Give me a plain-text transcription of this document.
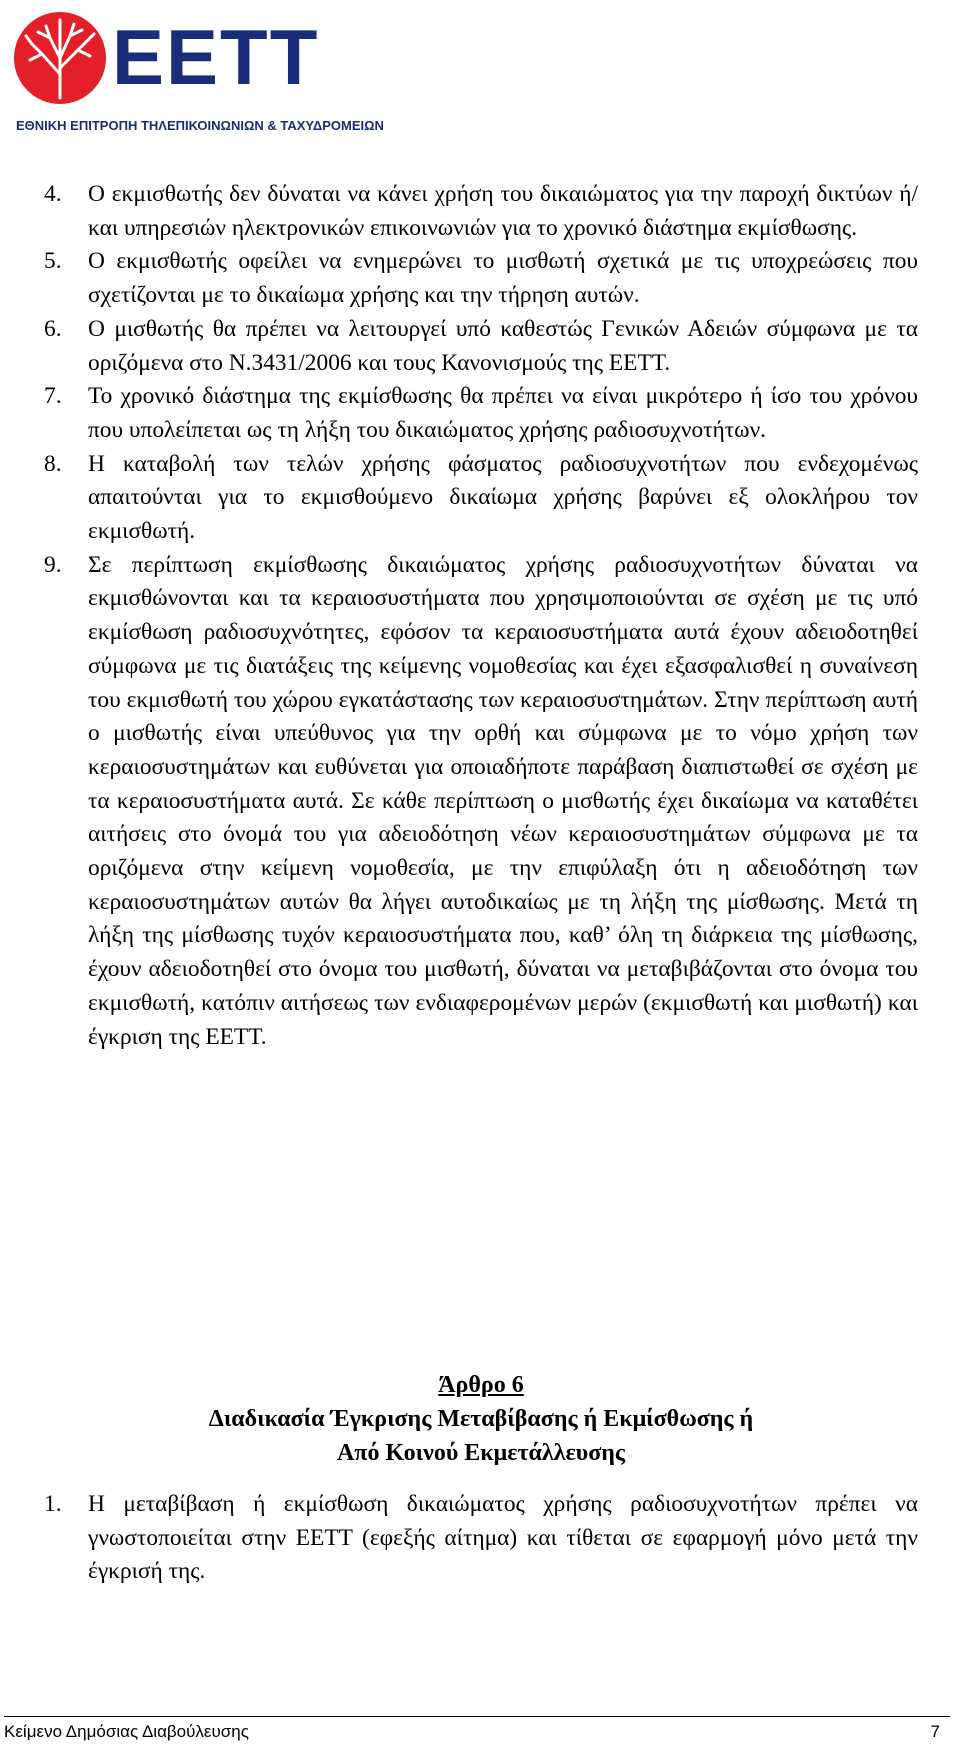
ΕΕΤΤ
ΕΘΝΙΚΗ ΕΠΙΤΡΟΠΗ ΤΗΛΕΠΙΚΟΙΝΩΝΙΩΝ & ΤΑΧΥΔΡΟΜΕΙΩΝ
4. Ο εκμισθωτής δεν δύναται να κάνει χρήση του δικαιώματος για την παροχή δικτύων ή/και υπηρεσιών ηλεκτρονικών επικοινωνιών για το χρονικό διάστημα εκμίσθωσης.
5. Ο εκμισθωτής οφείλει να ενημερώνει το μισθωτή σχετικά με τις υποχρεώσεις που σχετίζονται με το δικαίωμα χρήσης και την τήρηση αυτών.
6. Ο μισθωτής θα πρέπει να λειτουργεί υπό καθεστώς Γενικών Αδειών σύμφωνα με τα οριζόμενα στο Ν.3431/2006 και τους Κανονισμούς της ΕΕΤΤ.
7. Το χρονικό διάστημα της εκμίσθωσης θα πρέπει να είναι μικρότερο ή ίσο του χρόνου που υπολείπεται ως τη λήξη του δικαιώματος χρήσης ραδιοσυχνοτήτων.
8. Η καταβολή των τελών χρήσης φάσματος ραδιοσυχνοτήτων που ενδεχομένως απαιτούνται για το εκμισθούμενο δικαίωμα χρήσης βαρύνει εξ ολοκλήρου τον εκμισθωτή.
9. Σε περίπτωση εκμίσθωσης δικαιώματος χρήσης ραδιοσυχνοτήτων δύναται να εκμισθώνονται και τα κεραιοσυστήματα που χρησιμοποιούνται σε σχέση με τις υπό εκμίσθωση ραδιοσυχνότητες, εφόσον τα κεραιοσυστήματα αυτά έχουν αδειοδοτηθεί σύμφωνα με τις διατάξεις της κείμενης νομοθεσίας και έχει εξασφαλισθεί η συναίνεση του εκμισθωτή του χώρου εγκατάστασης των κεραιοσυστημάτων. Στην περίπτωση αυτή ο μισθωτής είναι υπεύθυνος για την ορθή και σύμφωνα με το νόμο χρήση των κεραιοσυστημάτων και ευθύνεται για οποιαδήποτε παράβαση διαπιστωθεί σε σχέση με τα κεραιοσυστήματα αυτά. Σε κάθε περίπτωση ο μισθωτής έχει δικαίωμα να καταθέτει αιτήσεις στο όνομά του για αδειοδότηση νέων κεραιοσυστημάτων σύμφωνα με τα οριζόμενα στην κείμενη νομοθεσία, με την επιφύλαξη ότι η αδειοδότηση των κεραιοσυστημάτων αυτών θα λήγει αυτοδικαίως με τη λήξη της μίσθωσης. Μετά τη λήξη της μίσθωσης τυχόν κεραιοσυστήματα που, καθ’ όλη τη διάρκεια της μίσθωσης, έχουν αδειοδοτηθεί στο όνομα του μισθωτή, δύναται να μεταβιβάζονται στο όνομα του εκμισθωτή, κατόπιν αιτήσεως των ενδιαφερομένων μερών (εκμισθωτή και μισθωτή) και έγκριση της ΕΕΤΤ.
Άρθρο 6
Διαδικασία Έγκρισης Μεταβίβασης ή Εκμίσθωσης ή
Από Κοινού Εκμετάλλευσης
1. Η μεταβίβαση ή εκμίσθωση δικαιώματος χρήσης ραδιοσυχνοτήτων πρέπει να γνωστοποιείται στην ΕΕΤΤ (εφεξής αίτημα) και τίθεται σε εφαρμογή μόνο μετά την έγκρισή της.
Κείμενο Δημόσιας Διαβούλευσης	7
